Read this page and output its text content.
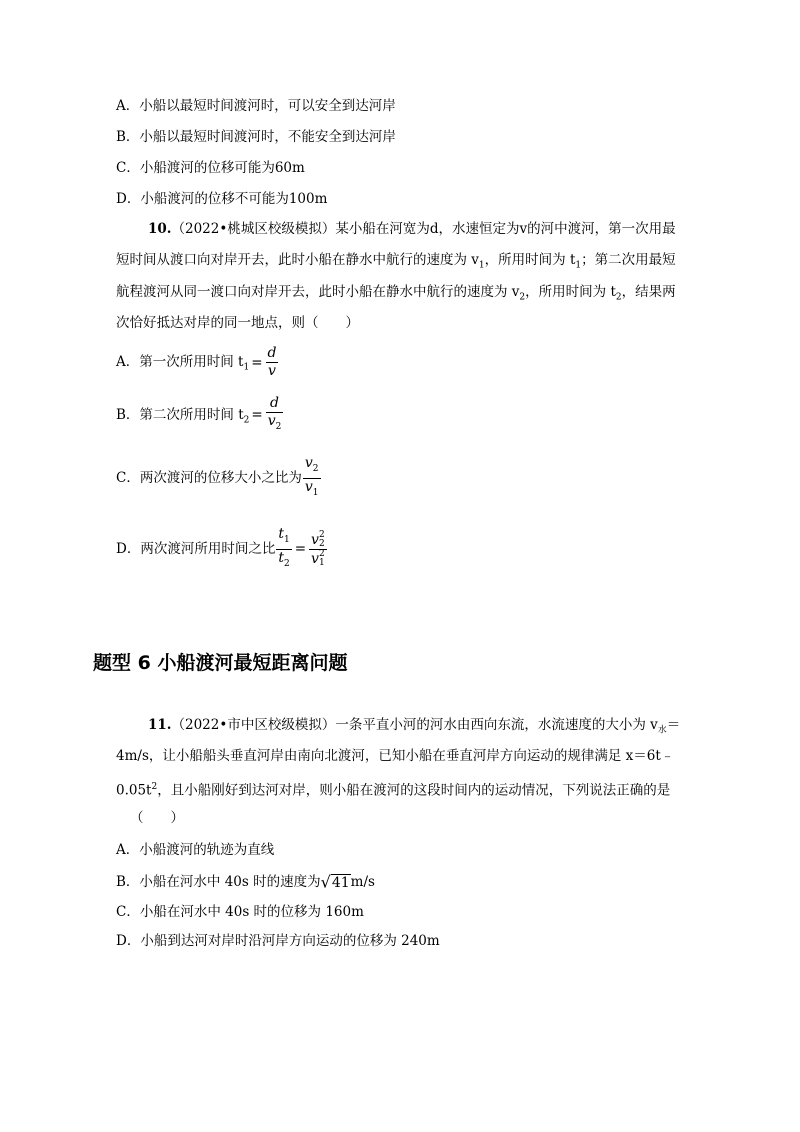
A．小船以最短时间渡河时，可以安全到达河岸
B．小船以最短时间渡河时，不能安全到达河岸
C．小船渡河的位移可能为60m
D．小船渡河的位移不可能为100m
10.（2022•桃城区校级模拟）某小船在河宽为d，水速恒定为v的河中渡河，第一次用最
短时间从渡口向对岸开去，此时小船在静水中航行的速度为 $v_1$，所用时间为 $t_1$；第二次用最短
航程渡河从同一渡口向对岸开去，此时小船在静水中航行的速度为 $v_2$，所用时间为 $t_2$，结果两
次恰好抵达对岸的同一地点，则（　　）
A．第一次所用时间 $t_1 = \frac{d}{v}$
B．第二次所用时间 $t_2 = \frac{d}{v_2}$
C．两次渡河的位移大小之比为 $\frac{v_2}{v_1}$
D．两次渡河所用时间之比 $\frac{t_1}{t_2} = v$ 2
2
v 2
1
题型 6 小船渡河最短距离问题
11.（2022•市中区校级模拟）一条平直小河的河水由西向东流，水流速度的大小为 $v_水=$
4m/s，让小船船头垂直河岸由南向北渡河，已知小船在垂直河岸方向运动的规律满足 x＝6t﹣
$0.05t^2$，且小船刚好到达河对岸，则小船在渡河的这段时间内的运动情况，下列说法正确的是
（　　）
A．小船渡河的轨迹为直线
B．小船在河水中 40s 时的速度为√41m/s
C．小船在河水中 40s 时的位移为 160m
D．小船到达河对岸时沿河岸方向运动的位移为 240m
